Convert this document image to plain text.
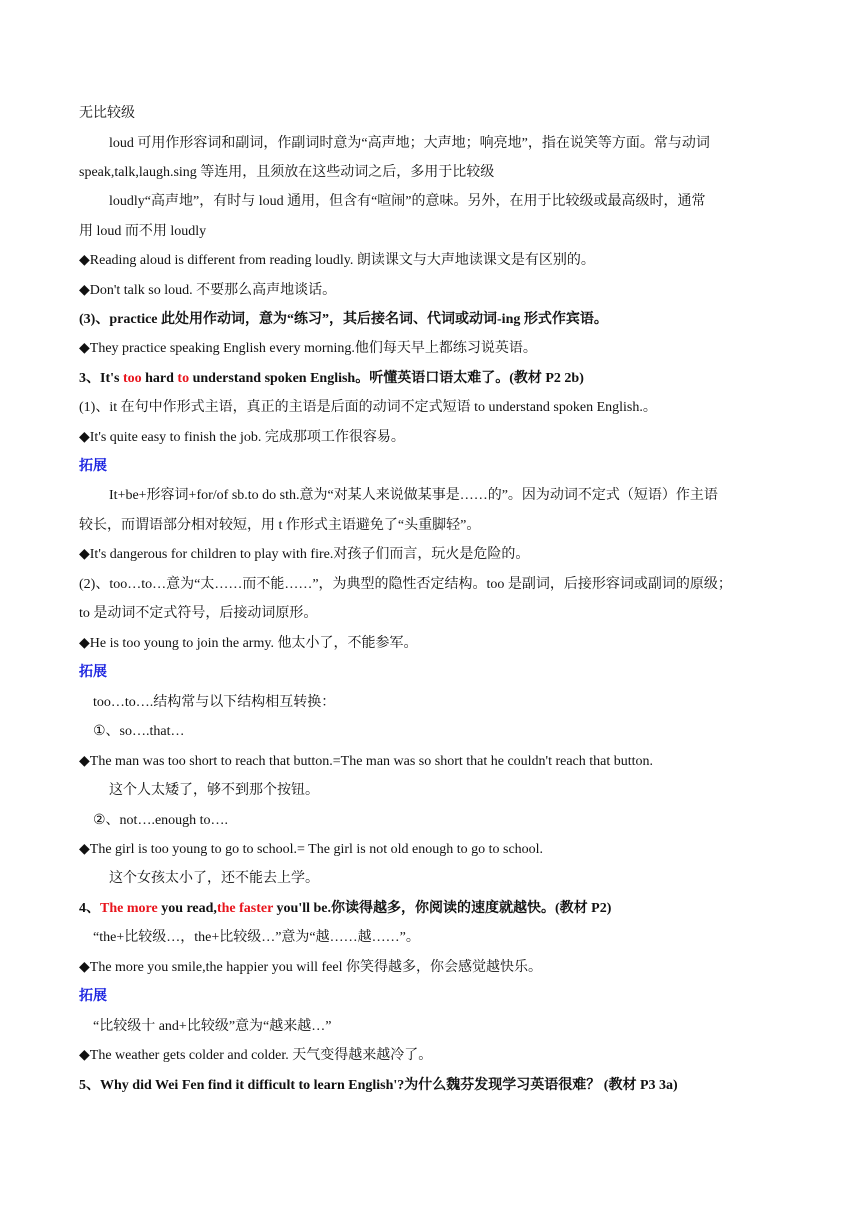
无比较级
loud 可用作形容词和副词，作副词时意为“高声地；大声地；响亮地”，指在说笑等方面。常与动词
speak,talk,laugh.sing 等连用，且须放在这些动词之后，多用于比较级
loudly“高声地”，有时与 loud 通用，但含有“喧闹”的意味。另外，在用于比较级或最高级时，通常
用 loud 而不用 loudly
◆Reading aloud is different from reading loudly. 朗读课文与大声地读课文是有区别的。
◆Don't talk so loud. 不要那么高声地谈话。
(3)、practice 此处用作动词，意为“练习”，其后接名词、代词或动词-ing 形式作宾语。
◆They practice speaking English every morning.他们每天早上都练习说英语。
3、It's too hard to understand spoken English。听懂英语口语太难了。(教材 P2 2b)
(1)、it 在句中作形式主语，真正的主语是后面的动词不定式短语 to understand spoken English.。
◆It's quite easy to finish the job. 完成那项工作很容易。
拓展
It+be+形容词+for/of sb.to do sth.意为“对某人来说做某事是……的”。因为动词不定式（短语）作主语
较长，而谓语部分相对较短，用 t 作形式主语避免了“头重脚轻”。
◆It's dangerous for children to play with fire.对孩子们而言，玩火是危险的。
(2)、too…to…意为“太……而不能……”，为典型的隐性否定结构。too 是副词，后接形容词或副词的原级；
to 是动词不定式符号，后接动词原形。
◆He is too young to join the army. 他太小了，不能参军。
拓展
too…to….结构常与以下结构相互转换：
①、so….that…
◆The man was too short to reach that button.=The man was so short that he couldn't reach that button.
这个人太矮了，够不到那个按钮。
②、not….enough to….
◆The girl is too young to go to school.= The girl is not old enough to go to school.
这个女孩太小了，还不能去上学。
4、The more you read,the faster you'll be.你读得越多，你阅读的速度就越快。(教材 P2)
“the+比较级…，the+比较级…”意为“越……越……”。
◆The more you smile,the happier you will feel 你笑得越多，你会感觉越快乐。
拓展
“比较级十 and+比较级”意为“越来越…”
◆The weather gets colder and colder. 天气变得越来越冷了。
5、Why did Wei Fen find it difficult to learn English'?为什么魏芬发现学习英语很难？ (教材 P3 3a)
